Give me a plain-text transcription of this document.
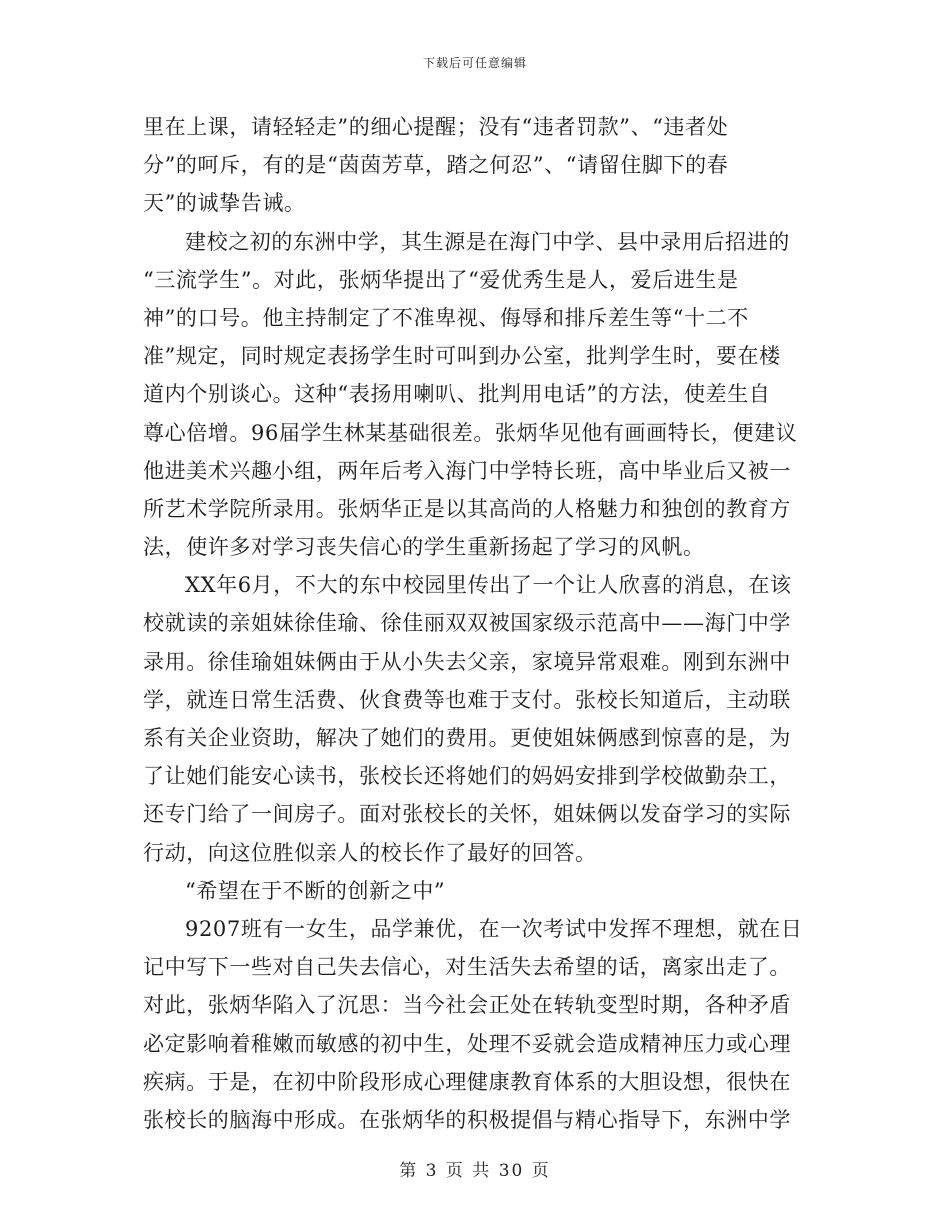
下载后可任意编辑
里在上课，请轻轻走”的细心提醒；没有“违者罚款”、“违者处
分”的呵斥，有的是“茵茵芳草，踏之何忍”、“请留住脚下的春
天”的诚挚告诫。
建校之初的东洲中学，其生源是在海门中学、县中录用后招进的
“三流学生”。对此，张炳华提出了“爱优秀生是人，爱后进生是
神”的口号。他主持制定了不准卑视、侮辱和排斥差生等“十二不
准”规定，同时规定表扬学生时可叫到办公室，批判学生时，要在楼
道内个别谈心。这种“表扬用喇叭、批判用电话”的方法，使差生自
尊心倍增。96届学生林某基础很差。张炳华见他有画画特长，便建议
他进美术兴趣小组，两年后考入海门中学特长班，高中毕业后又被一
所艺术学院所录用。张炳华正是以其高尚的人格魅力和独创的教育方
法，使许多对学习丧失信心的学生重新扬起了学习的风帆。
XX年6月，不大的东中校园里传出了一个让人欣喜的消息，在该
校就读的亲姐妹徐佳瑜、徐佳丽双双被国家级示范高中——海门中学
录用。徐佳瑜姐妹俩由于从小失去父亲，家境异常艰难。刚到东洲中
学，就连日常生活费、伙食费等也难于支付。张校长知道后，主动联
系有关企业资助，解决了她们的费用。更使姐妹俩感到惊喜的是，为
了让她们能安心读书，张校长还将她们的妈妈安排到学校做勤杂工，
还专门给了一间房子。面对张校长的关怀，姐妹俩以发奋学习的实际
行动，向这位胜似亲人的校长作了最好的回答。
“希望在于不断的创新之中”
9207班有一女生，品学兼优，在一次考试中发挥不理想，就在日
记中写下一些对自己失去信心，对生活失去希望的话，离家出走了。
对此，张炳华陷入了沉思：当今社会正处在转轨变型时期，各种矛盾
必定影响着稚嫩而敏感的初中生，处理不妥就会造成精神压力或心理
疾病。于是，在初中阶段形成心理健康教育体系的大胆设想，很快在
张校长的脑海中形成。在张炳华的积极提倡与精心指导下，东洲中学
第 3 页 共 30 页
